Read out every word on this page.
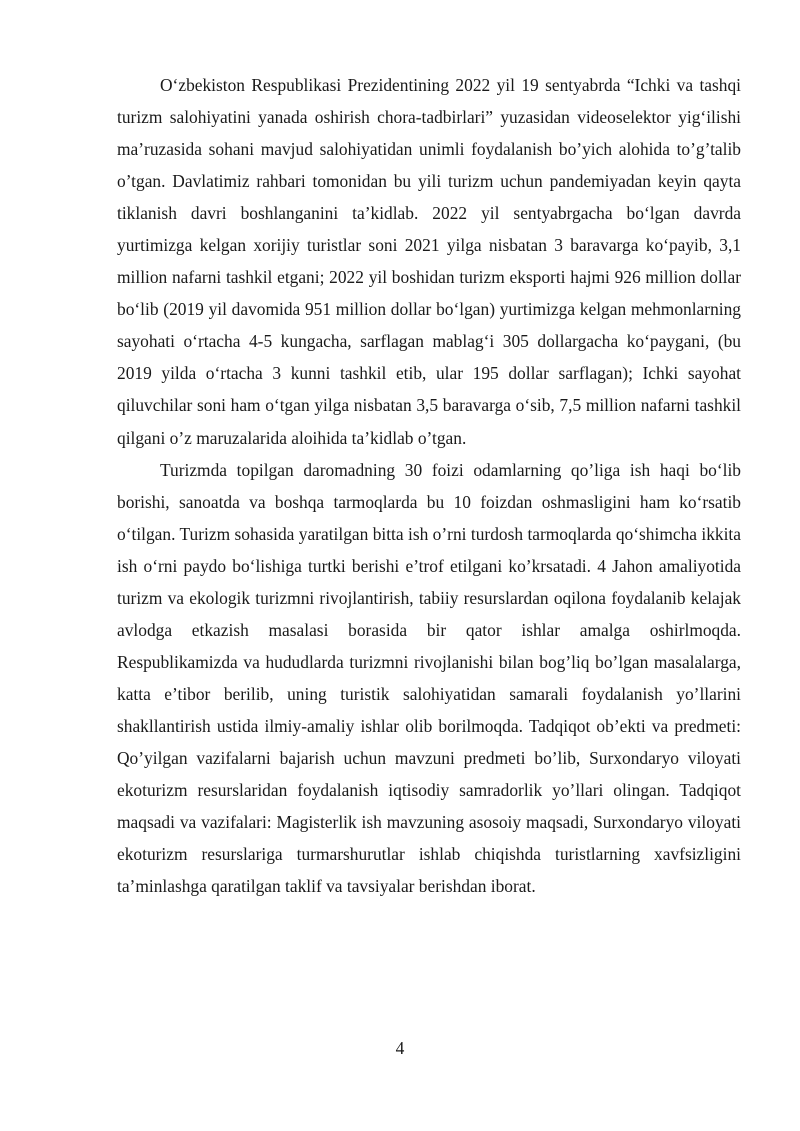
O‘zbekiston Respublikasi Prezidentining 2022 yil 19 sentyabrda “Ichki va tashqi turizm salohiyatini yanada oshirish chora-tadbirlari” yuzasidan videoselektor yig‘ilishi ma’ruzasida sohani mavjud salohiyatidan unimli foydalanish bo’yich alohida to’g’talib o’tgan. Davlatimiz rahbari tomonidan bu yili turizm uchun pandemiyadan keyin qayta tiklanish davri boshlanganini ta’kidlab. 2022 yil sentyabrgacha bo‘lgan davrda yurtimizga kelgan xorijiy turistlar soni 2021 yilga nisbatan 3 baravarga ko‘payib, 3,1 million nafarni tashkil etgani; 2022 yil boshidan turizm eksporti hajmi 926 million dollar bo‘lib (2019 yil davomida 951 million dollar bo‘lgan) yurtimizga kelgan mehmonlarning sayohati o‘rtacha 4-5 kungacha, sarflagan mablag‘i 305 dollargacha ko‘paygani, (bu 2019 yilda o‘rtacha 3 kunni tashkil etib, ular 195 dollar sarflagan); Ichki sayohat qiluvchilar soni ham o‘tgan yilga nisbatan 3,5 baravarga o‘sib, 7,5 million nafarni tashkil qilgani o’z maruzalarida aloihida ta’kidlab o’tgan.

Turizmda topilgan daromadning 30 foizi odamlarning qo’liga ish haqi bo‘lib borishi, sanoatda va boshqa tarmoqlarda bu 10 foizdan oshmasligini ham ko‘rsatib o‘tilgan. Turizm sohasida yaratilgan bitta ish o’rni turdosh tarmoqlarda qo‘shimcha ikkita ish o‘rni paydo bo‘lishiga turtki berishi e’trof etilgani ko’krsatadi. 4 Jahon amaliyotida turizm va ekologik turizmni rivojlantirish, tabiiy resurslardan oqilona foydalanib kelajak avlodga etkazish masalasi borasida bir qator ishlar amalga oshirlmoqda. Respublikamizda va hududlarda turizmni rivojlanishi bilan bog’liq bo’lgan masalalarga, katta e’tibor berilib, uning turistik salohiyatidan samarali foydalanish yo’llarini shakllantirish ustida ilmiy-amaliy ishlar olib borilmoqda. Tadqiqot ob’ekti va predmeti: Qo’yilgan vazifalarni bajarish uchun mavzuni predmeti bo’lib, Surxondaryo viloyati ekoturizm resurslaridan foydalanish iqtisodiy samradorlik yo’llari olingan. Tadqiqot maqsadi va vazifalari: Magisterlik ish mavzuning asosoiy maqsadi, Surxondaryo viloyati ekoturizm resurslariga turmarshurutlar ishlab chiqishda turistlarning xavfsizligini ta’minlashga qaratilgan taklif va tavsiyalar berishdan iborat.

4
